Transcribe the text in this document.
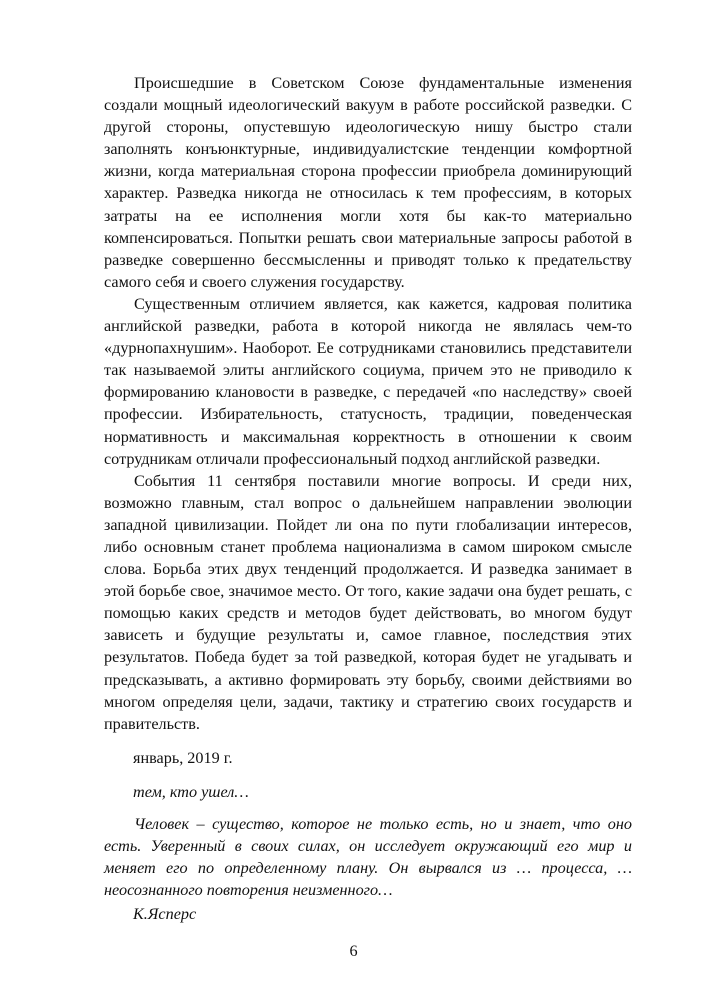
Происшедшие в Советском Союзе фундаментальные изменения создали мощный идеологический вакуум в работе российской разведки. С другой стороны, опустевшую идеологическую нишу быстро стали заполнять конъюнктурные, индивидуалистские тенденции комфортной жизни, когда материальная сторона профессии приобрела доминирующий характер. Разведка никогда не относилась к тем профессиям, в которых затраты на ее исполнения могли хотя бы как-то материально компенсироваться. Попытки решать свои материальные запросы работой в разведке совершенно бессмысленны и приводят только к предательству самого себя и своего служения государству.

Существенным отличием является, как кажется, кадровая политика английской разведки, работа в которой никогда не являлась чем-то «дурнопахнушим». Наоборот. Ее сотрудниками становились представители так называемой элиты английского социума, причем это не приводило к формированию клановости в разведке, с передачей «по наследству» своей профессии. Избирательность, статусность, традиции, поведенческая нормативность и максимальная корректность в отношении к своим сотрудникам отличали профессиональный подход английской разведки.

События 11 сентября поставили многие вопросы. И среди них, возможно главным, стал вопрос о дальнейшем направлении эволюции западной цивилизации. Пойдет ли она по пути глобализации интересов, либо основным станет проблема национализма в самом широком смысле слова. Борьба этих двух тенденций продолжается. И разведка занимает в этой борьбе свое, значимое место. От того, какие задачи она будет решать, с помощью каких средств и методов будет действовать, во многом будут зависеть и будущие результаты и, самое главное, последствия этих результатов. Победа будет за той разведкой, которая будет не угадывать и предсказывать, а активно формировать эту борьбу, своими действиями во многом определяя цели, задачи, тактику и стратегию своих государств и правительств.

январь, 2019 г.
тем, кто ушел…

Человек – существо, которое не только есть, но и знает, что оно есть. Уверенный в своих силах, он исследует окружающий его мир и меняет его по определенному плану. Он вырвался из … процесса, … неосознанного повторения неизменного…

К.Ясперс
6
